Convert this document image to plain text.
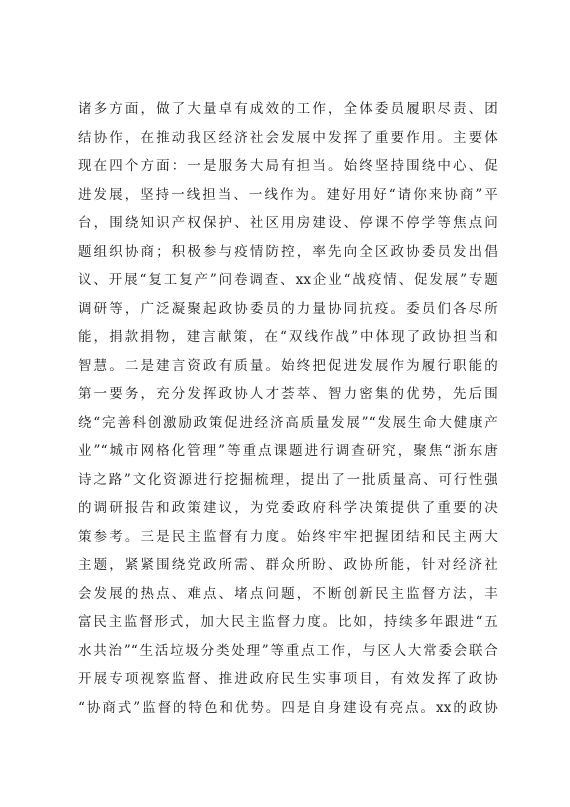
诸多方面，做了大量卓有成效的工作，全体委员履职尽责、团
结协作，在推动我区经济社会发展中发挥了重要作用。主要体
现在四个方面：一是服务大局有担当。始终坚持围绕中心、促
进发展，坚持一线担当、一线作为。建好用好“请你来协商”平
台，围绕知识产权保护、社区用房建设、停课不停学等焦点问
题组织协商；积极参与疫情防控，率先向全区政协委员发出倡
议、开展“复工复产”问卷调查、xx企业“战疫情、促发展”专题
调研等，广泛凝聚起政协委员的力量协同抗疫。委员们各尽所
能，捐款捐物，建言献策，在“双线作战”中体现了政协担当和
智慧。二是建言资政有质量。始终把促进发展作为履行职能的
第一要务，充分发挥政协人才荟萃、智力密集的优势，先后围
绕“完善科创激励政策促进经济高质量发展”“发展生命大健康产
业”“城市网格化管理”等重点课题进行调查研究，聚焦“浙东唐
诗之路”文化资源进行挖掘梳理，提出了一批质量高、可行性强
的调研报告和政策建议，为党委政府科学决策提供了重要的决
策参考。三是民主监督有力度。始终牢牢把握团结和民主两大
主题，紧紧围绕党政所需、群众所盼、政协所能，针对经济社
会发展的热点、难点、堵点问题，不断创新民主监督方法，丰
富民主监督形式，加大民主监督力度。比如，持续多年跟进“五
水共治”“生活垃圾分类处理”等重点工作，与区人大常委会联合
开展专项视察监督、推进政府民生实事项目，有效发挥了政协
“协商式”监督的特色和优势。四是自身建设有亮点。xx的政协
